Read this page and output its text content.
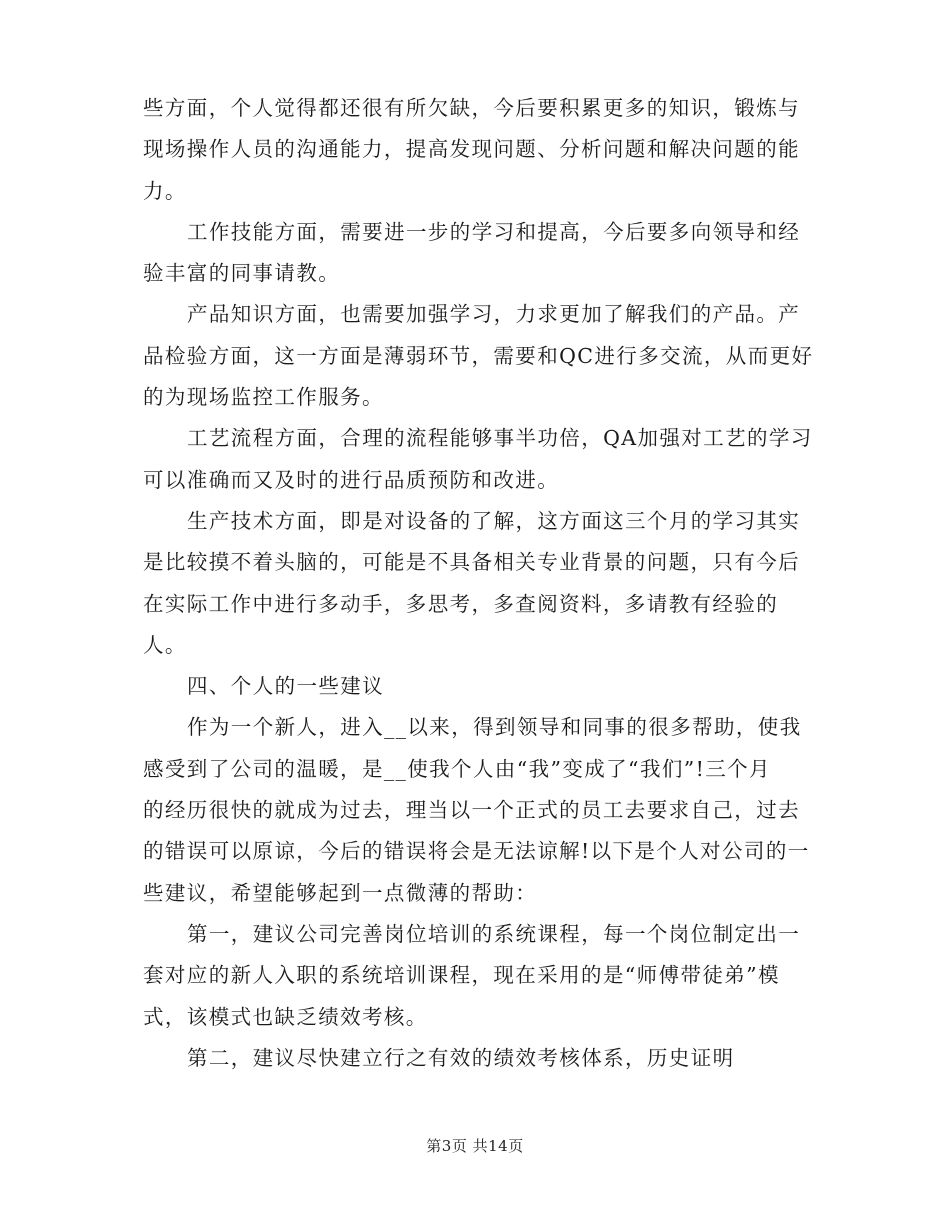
些方面，个人觉得都还很有所欠缺，今后要积累更多的知识，锻炼与
现场操作人员的沟通能力，提高发现问题、分析问题和解决问题的能
力。
工作技能方面，需要进一步的学习和提高，今后要多向领导和经
验丰富的同事请教。
产品知识方面，也需要加强学习，力求更加了解我们的产品。产
品检验方面，这一方面是薄弱环节，需要和QC进行多交流，从而更好
的为现场监控工作服务。
工艺流程方面，合理的流程能够事半功倍，QA加强对工艺的学习
可以准确而又及时的进行品质预防和改进。
生产技术方面，即是对设备的了解，这方面这三个月的学习其实
是比较摸不着头脑的，可能是不具备相关专业背景的问题，只有今后
在实际工作中进行多动手，多思考，多查阅资料，多请教有经验的
人。
四、个人的一些建议
作为一个新人，进入__以来，得到领导和同事的很多帮助，使我
感受到了公司的温暖，是__使我个人由“我”变成了“我们”!三个月
的经历很快的就成为过去，理当以一个正式的员工去要求自己，过去
的错误可以原谅，今后的错误将会是无法谅解!以下是个人对公司的一
些建议，希望能够起到一点微薄的帮助：
第一，建议公司完善岗位培训的系统课程，每一个岗位制定出一
套对应的新人入职的系统培训课程，现在采用的是“师傅带徒弟”模
式，该模式也缺乏绩效考核。
第二，建议尽快建立行之有效的绩效考核体系，历史证明
第3页 共14页
